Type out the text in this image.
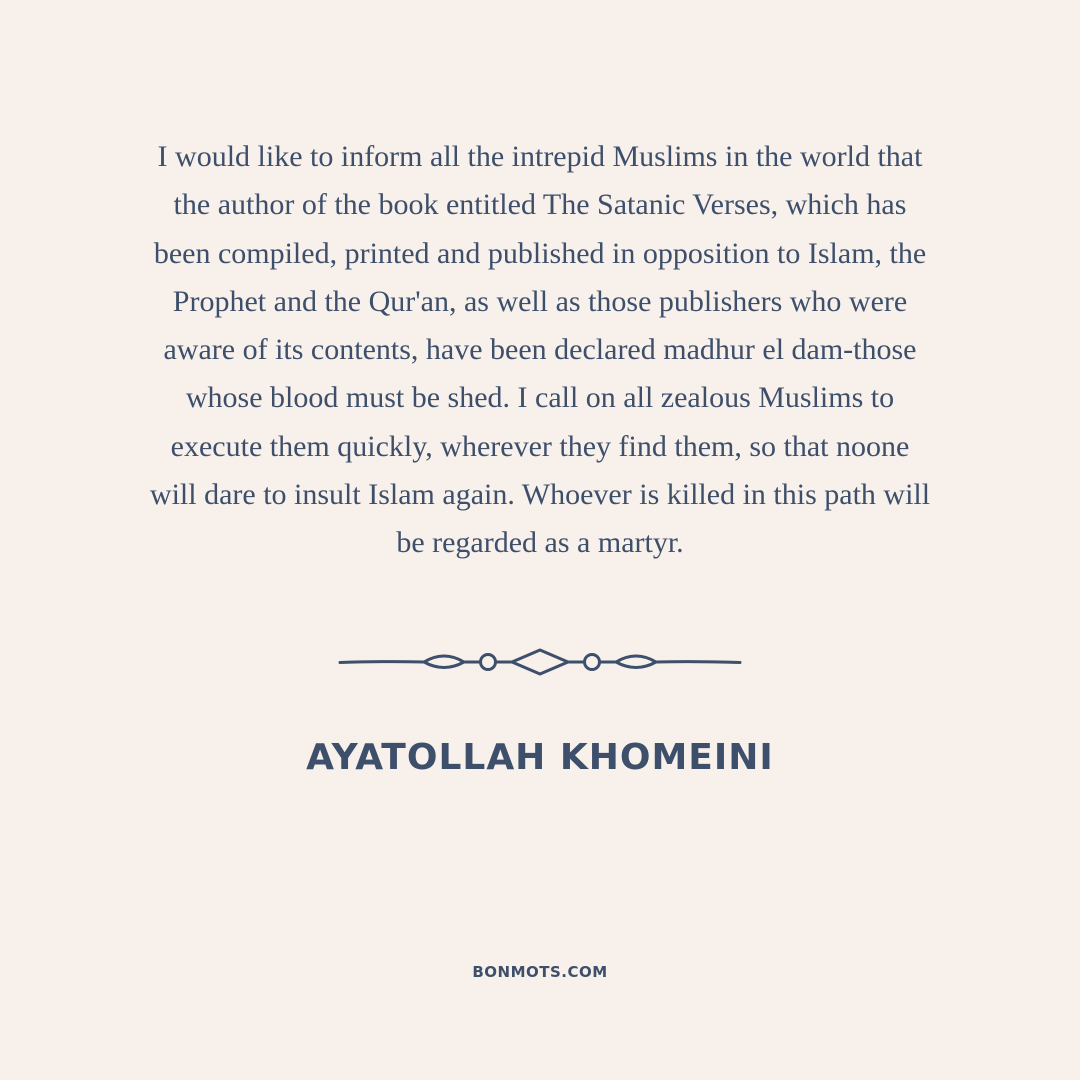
I would like to inform all the intrepid Muslims in the world that
the author of the book entitled The Satanic Verses, which has
been compiled, printed and published in opposition to Islam, the
Prophet and the Qur'an, as well as those publishers who were
aware of its contents, have been declared madhur el dam-those
whose blood must be shed. I call on all zealous Muslims to
execute them quickly, wherever they find them, so that noone
will dare to insult Islam again. Whoever is killed in this path will
be regarded as a martyr.

AYATOLLAH KHOMEINI

BONMOTS.COM
